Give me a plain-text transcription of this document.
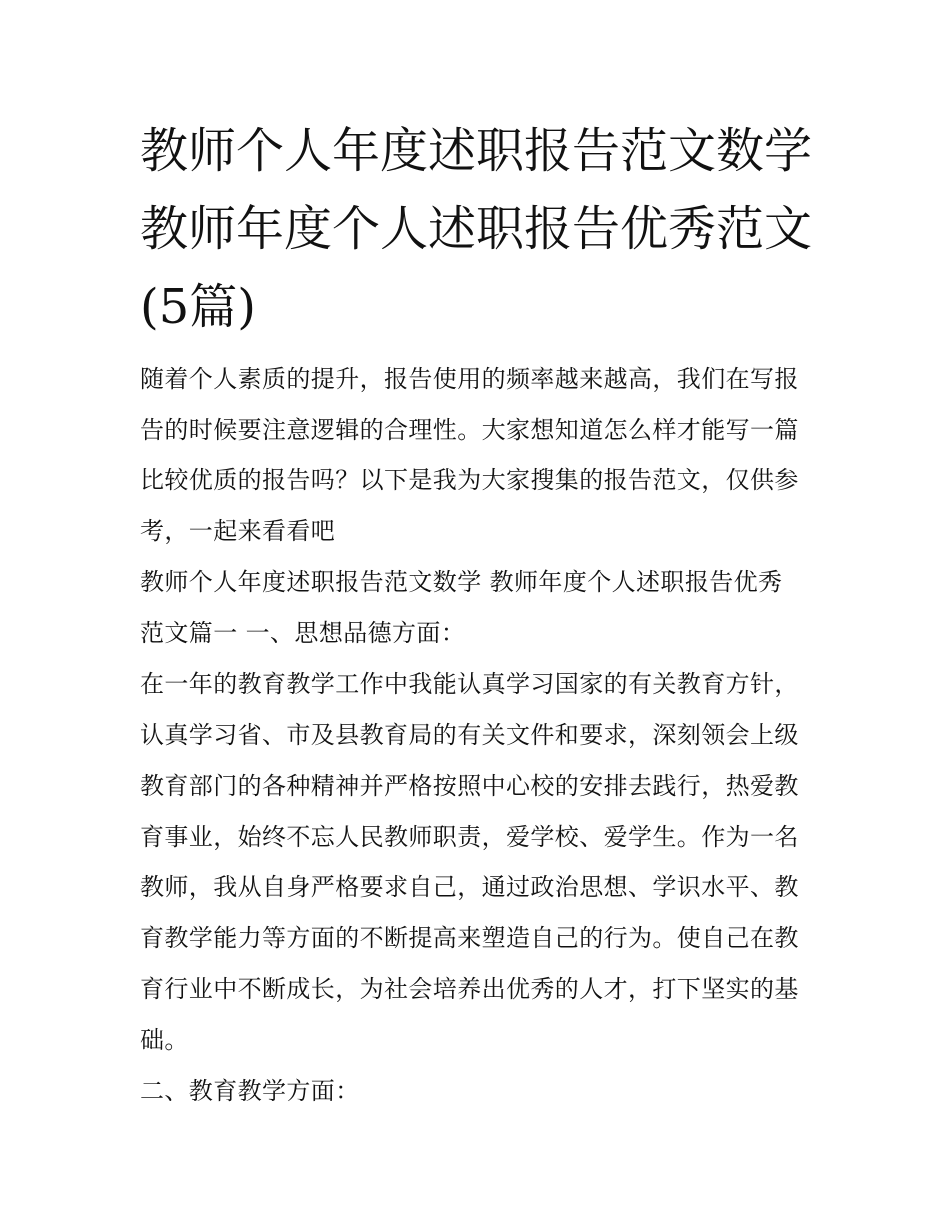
教师个人年度述职报告范文数学 教师年度个人述职报告优秀范文(5篇)

随着个人素质的提升，报告使用的频率越来越高，我们在写报

告的时候要注意逻辑的合理性。大家想知道怎么样才能写一篇

比较优质的报告吗？以下是我为大家搜集的报告范文，仅供参

考，一起来看看吧

教师个人年度述职报告范文数学 教师年度个人述职报告优秀

范文篇一 一、思想品德方面：

在一年的教育教学工作中我能认真学习国家的有关教育方针，

认真学习省、市及县教育局的有关文件和要求，深刻领会上级

教育部门的各种精神并严格按照中心校的安排去践行，热爱教

育事业，始终不忘人民教师职责，爱学校、爱学生。作为一名

教师，我从自身严格要求自己，通过政治思想、学识水平、教

育教学能力等方面的不断提高来塑造自己的行为。使自己在教

育行业中不断成长，为社会培养出优秀的人才，打下坚实的基

础。

二、教育教学方面：
